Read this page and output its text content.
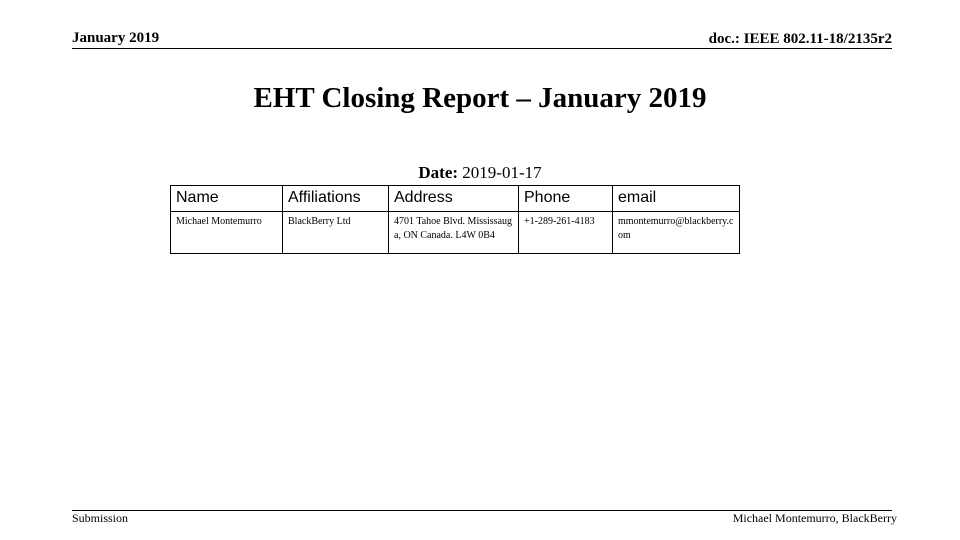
January 2019	doc.: IEEE 802.11-18/2135r2
EHT Closing Report – January 2019
Date: 2019-01-17
Name	Affiliations	Address	Phone	email
Michael Montemurro	BlackBerry Ltd	4701 Tahoe Blvd. Mississauga, ON Canada. L4W 0B4	+1-289-261-4183	mmontemurro@blackberry.com
Submission	Michael Montemurro, BlackBerry
